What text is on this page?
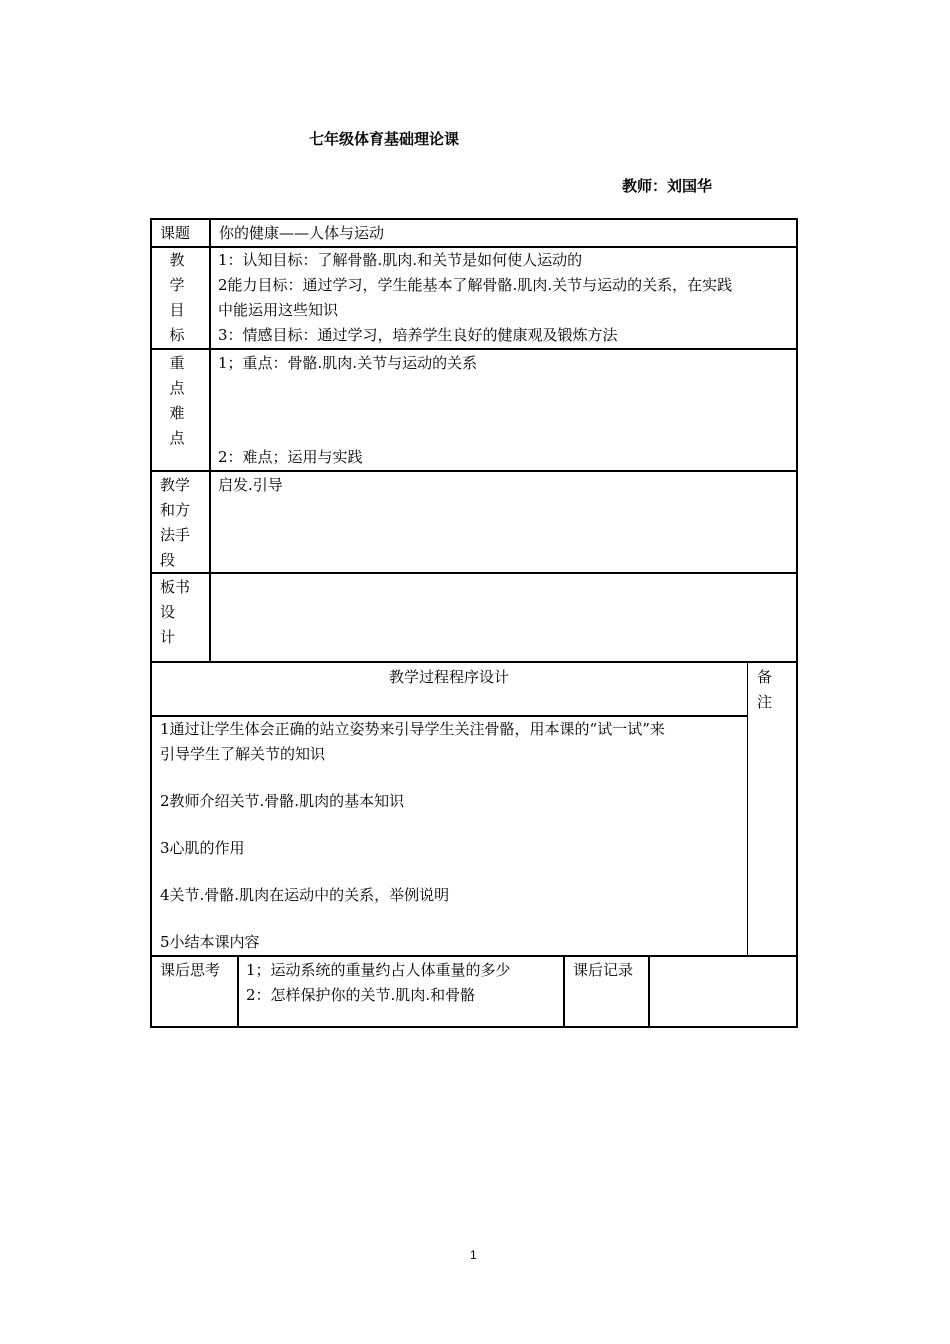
七年级体育基础理论课
教师：刘国华
课题 你的健康——人体与运动
教
学
目
标
1：认知目标：了解骨骼.肌肉.和关节是如何使人运动的
2能力目标：通过学习，学生能基本了解骨骼.肌肉.关节与运动的关系，在实践
中能运用这些知识
3：情感目标：通过学习，培养学生良好的健康观及锻炼方法
重
点
难
点
1；重点：骨骼.肌肉.关节与运动的关系
2：难点；运用与实践
教学
和方
法手
段
启发.引导
板书
设
计
教学过程程序设计	备
注

1通过让学生体会正确的站立姿势来引导学生关注骨骼，用本课的“试一试”来

引导学生了解关节的知识

2教师介绍关节.骨骼.肌肉的基本知识

3心肌的作用

4关节.骨骼.肌肉在运动中的关系，举例说明

5小结本课内容

课后思考 1；运动系统的重量约占人体重量的多少
2：怎样保护你的关节.肌肉.和骨骼
课后记录
1
